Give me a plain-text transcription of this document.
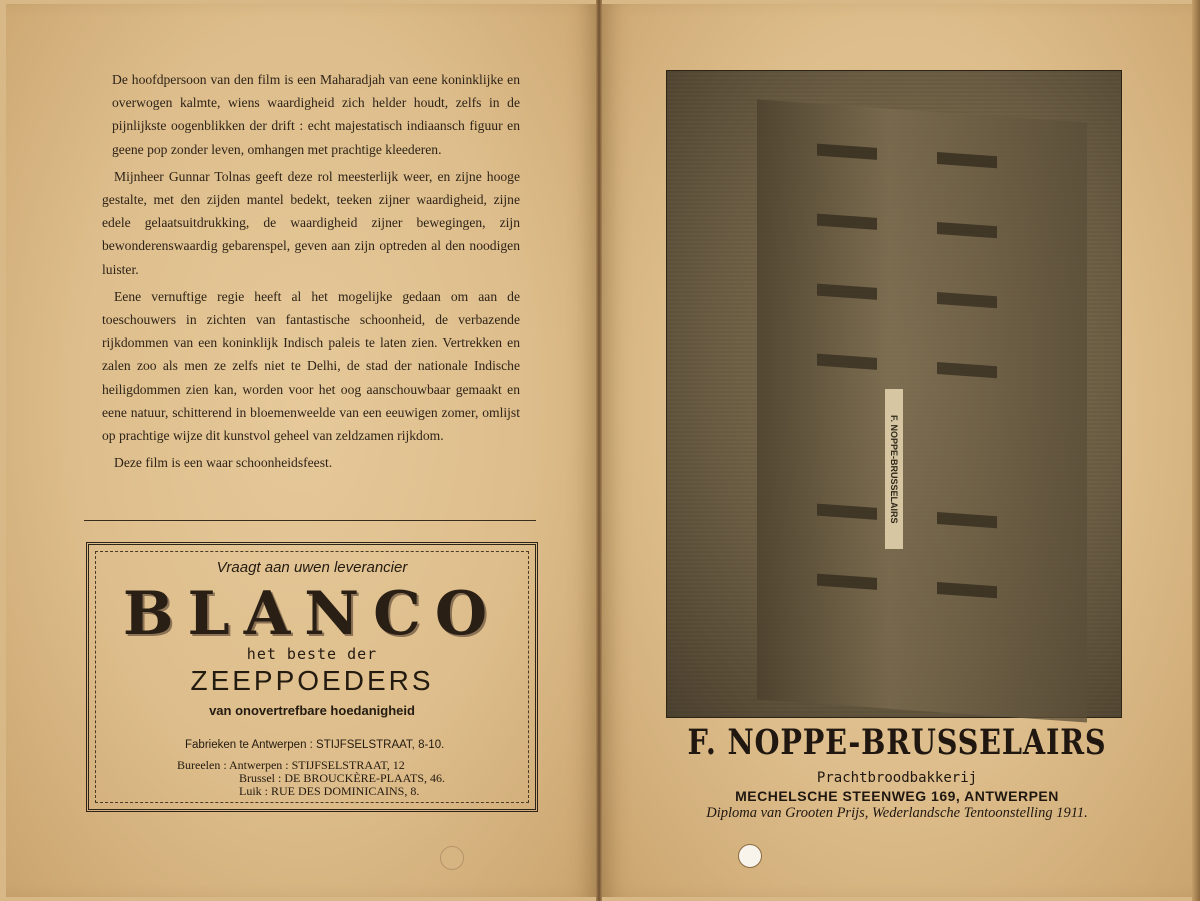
De hoofdpersoon van den film is een Maharadjah van eene koninklijke en overwogen kalmte, wiens waardigheid zich helder houdt, zelfs in de pijnlijkste oogenblikken der drift : echt majestatisch indiaansch figuur en geene pop zonder leven, omhangen met prachtige kleederen.

Mijnheer Gunnar Tolnas geeft deze rol meesterlijk weer, en zijne hooge gestalte, met den zijden mantel bedekt, teeken zijner waardigheid, zijne edele gelaatsuitdrukking, de waardigheid zijner bewegingen, zijn bewonderenswaardig gebarenspel, geven aan zijn optreden al den noodigen luister.

Eene vernuftige regie heeft al het mogelijke gedaan om aan de toeschouwers in zichten van fantastische schoonheid, de verbazende rijkdommen van een koninklijk Indisch paleis te laten zien. Vertrekken en zalen zoo als men ze zelfs niet te Delhi, de stad der nationale Indische heiligdommen zien kan, worden voor het oog aanschouwbaar gemaakt en eene natuur, schitterend in bloemenweelde van een eeuwigen zomer, omlijst op prachtige wijze dit kunstvol geheel van zeldzamen rijkdom.

Deze film is een waar schoonheidsfeest.

Vraagt aan uwen leverancier
BLANCO
het beste der
ZEEPPOEDERS
van onovertrefbare hoedanigheid
Fabrieken te Antwerpen : STIJFSELSTRAAT, 8-10.
Bureelen : Antwerpen : STIJFSELSTRAAT, 12
Brussel : DE BROUCKÈRE-PLAATS, 46.
Luik : RUE DES DOMINICAINS, 8.
F. NOPPE-BRUSSELAIRS
F. NOPPE-BRUSSELAIRS
Prachtbroodbakkerij
MECHELSCHE STEENWEG 169, ANTWERPEN
Diploma van Grooten Prijs, Wederlandsche Tentoonstelling 1911.
